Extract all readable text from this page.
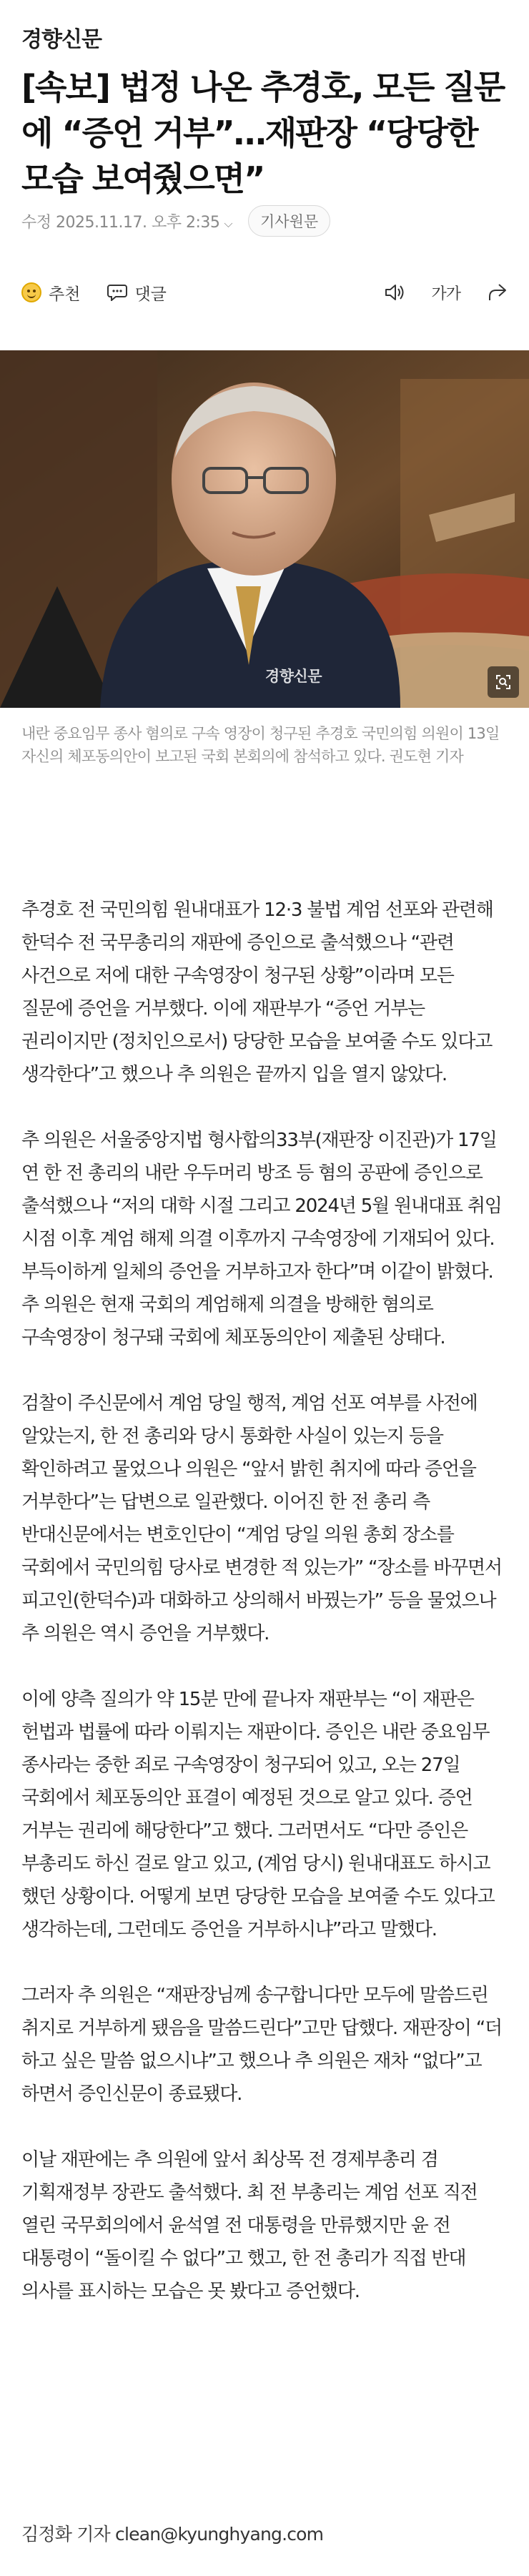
경향신문
[속보] 법정 나온 추경호, 모든 질문에 “증언 거부”…재판장 “당당한 모습 보여줬으면”
수정 2025.11.17. 오후 2:35 ⌵	기사원문
추천	댓글	가가
경향신문
내란 중요임무 종사 혐의로 구속 영장이 청구된 추경호 국민의힘 의원이 13일 자신의 체포동의안이 보고된 국회 본회의에 참석하고 있다. 권도현 기자

추경호 전 국민의힘 원내대표가 12·3 불법 계엄 선포와 관련해 한덕수 전 국무총리의 재판에 증인으로 출석했으나 “관련 사건으로 저에 대한 구속영장이 청구된 상황”이라며 모든 질문에 증언을 거부했다. 이에 재판부가 “증언 거부는 권리이지만 (정치인으로서) 당당한 모습을 보여줄 수도 있다고 생각한다”고 했으나 추 의원은 끝까지 입을 열지 않았다.

추 의원은 서울중앙지법 형사합의33부(재판장 이진관)가 17일 연 한 전 총리의 내란 우두머리 방조 등 혐의 공판에 증인으로 출석했으나 “저의 대학 시절 그리고 2024년 5월 원내대표 취임 시점 이후 계엄 해제 의결 이후까지 구속영장에 기재되어 있다. 부득이하게 일체의 증언을 거부하고자 한다”며 이같이 밝혔다. 추 의원은 현재 국회의 계엄해제 의결을 방해한 혐의로 구속영장이 청구돼 국회에 체포동의안이 제출된 상태다.

검찰이 주신문에서 계엄 당일 행적, 계엄 선포 여부를 사전에 알았는지, 한 전 총리와 당시 통화한 사실이 있는지 등을 확인하려고 물었으나 의원은 “앞서 밝힌 취지에 따라 증언을 거부한다”는 답변으로 일관했다. 이어진 한 전 총리 측 반대신문에서는 변호인단이 “계엄 당일 의원 총회 장소를 국회에서 국민의힘 당사로 변경한 적 있는가” “장소를 바꾸면서 피고인(한덕수)과 대화하고 상의해서 바꿨는가” 등을 물었으나 추 의원은 역시 증언을 거부했다.

이에 양측 질의가 약 15분 만에 끝나자 재판부는 “이 재판은 헌법과 법률에 따라 이뤄지는 재판이다. 증인은 내란 중요임무 종사라는 중한 죄로 구속영장이 청구되어 있고, 오는 27일 국회에서 체포동의안 표결이 예정된 것으로 알고 있다. 증언 거부는 권리에 해당한다”고 했다. 그러면서도 “다만 증인은 부총리도 하신 걸로 알고 있고, (계엄 당시) 원내대표도 하시고 했던 상황이다. 어떻게 보면 당당한 모습을 보여줄 수도 있다고 생각하는데, 그런데도 증언을 거부하시냐”라고 말했다.

그러자 추 의원은 “재판장님께 송구합니다만 모두에 말씀드린 취지로 거부하게 됐음을 말씀드린다”고만 답했다. 재판장이 “더 하고 싶은 말씀 없으시냐”고 했으나 추 의원은 재차 “없다”고 하면서 증인신문이 종료됐다.

이날 재판에는 추 의원에 앞서 최상목 전 경제부총리 겸 기획재정부 장관도 출석했다. 최 전 부총리는 계엄 선포 직전 열린 국무회의에서 윤석열 전 대통령을 만류했지만 윤 전 대통령이 “돌이킬 수 없다”고 했고, 한 전 총리가 직접 반대 의사를 표시하는 모습은 못 봤다고 증언했다.

김정화 기자 clean@kyunghyang.com
